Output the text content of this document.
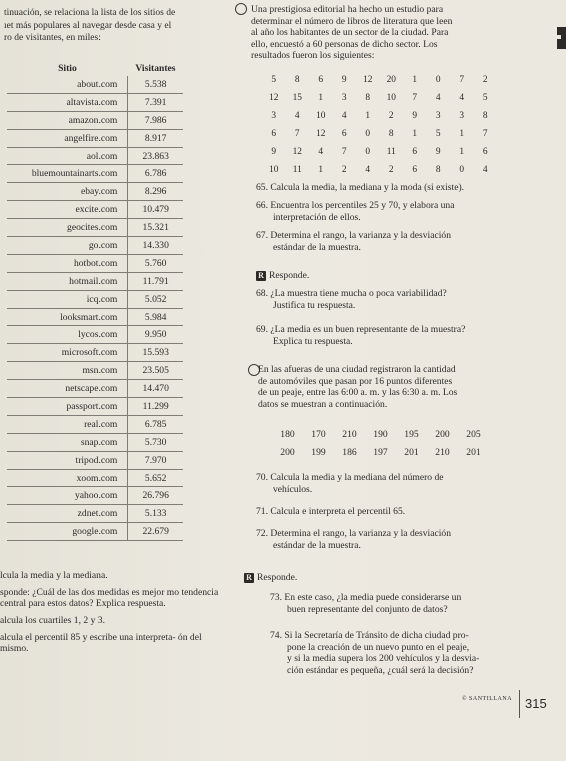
tinuación, se relaciona la lista de los sitios de

ıet más populares al navegar desde casa y el

ro de visitantes, en miles:

Sitio	Visitantes
about.com	5.538
altavista.com	7.391
amazon.com	7.986
angelfire.com	8.917
aol.com	23.863
bluemountainarts.com	6.786
ebay.com	8.296
excite.com	10.479
geocites.com	15.321
go.com	14.330
hotbot.com	5.760
hotmail.com	11.791
icq.com	5.052
looksmart.com	5.984
lycos.com	9.950
microsoft.com	15.593
msn.com	23.505
netscape.com	14.470
passport.com	11.299
real.com	6.785
snap.com	5.730
tripod.com	7.970
xoom.com	5.652
yahoo.com	26.796
zdnet.com	5.133
google.com	22.679

lcula la media y la mediana.

sponde: ¿Cuál de las dos medidas es mejor mo tendencia central para estos datos? Explica respuesta.

alcula los cuartiles 1, 2 y 3.

alcula el percentil 85 y escribe una interpreta- ón del mismo.

Una prestigiosa editorial ha hecho un estudio para

determinar el número de libros de literatura que leen

al año los habitantes de un sector de la ciudad. Para

ello, encuestó a 60 personas de dicho sector. Los

resultados fueron los siguientes:

5	8	6	9	12	20	1	0	7	2
12	15	1	3	8	10	7	4	4	5
3	4	10	4	1	2	9	3	3	8
6	7	12	6	0	8	1	5	1	7
9	12	4	7	0	11	6	9	1	6
10	11	1	2	4	2	6	8	0	4

65. Calcula la media, la mediana y la moda (si existe).

66. Encuentra los percentiles 25 y 70, y elabora una

interpretación de ellos.

67. Determina el rango, la varianza y la desviación

estándar de la muestra.

R Responde.

68. ¿La muestra tiene mucha o poca variabilidad?

Justifica tu respuesta.

69. ¿La media es un buen representante de la muestra?

Explica tu respuesta.

En las afueras de una ciudad registraron la cantidad

de automóviles que pasan por 16 puntos diferentes

de un peaje, entre las 6:00 a. m. y las 6:30 a. m. Los

datos se muestran a continuación.

180	170	210	190	195	200	205
200	199	186	197	201	210	201

70. Calcula la media y la mediana del número de

vehículos.

71. Calcula e interpreta el percentil 65.

72. Determina el rango, la varianza y la desviación

estándar de la muestra.

R Responde.

73. En este caso, ¿la media puede considerarse un

buen representante del conjunto de datos?

74. Si la Secretaría de Tránsito de dicha ciudad pro-

pone la creación de un nuevo punto en el peaje,

y si la media supera los 200 vehículos y la desvia-

ción estándar es pequeña, ¿cuál será la decisión?

© SANTILLANA 315
